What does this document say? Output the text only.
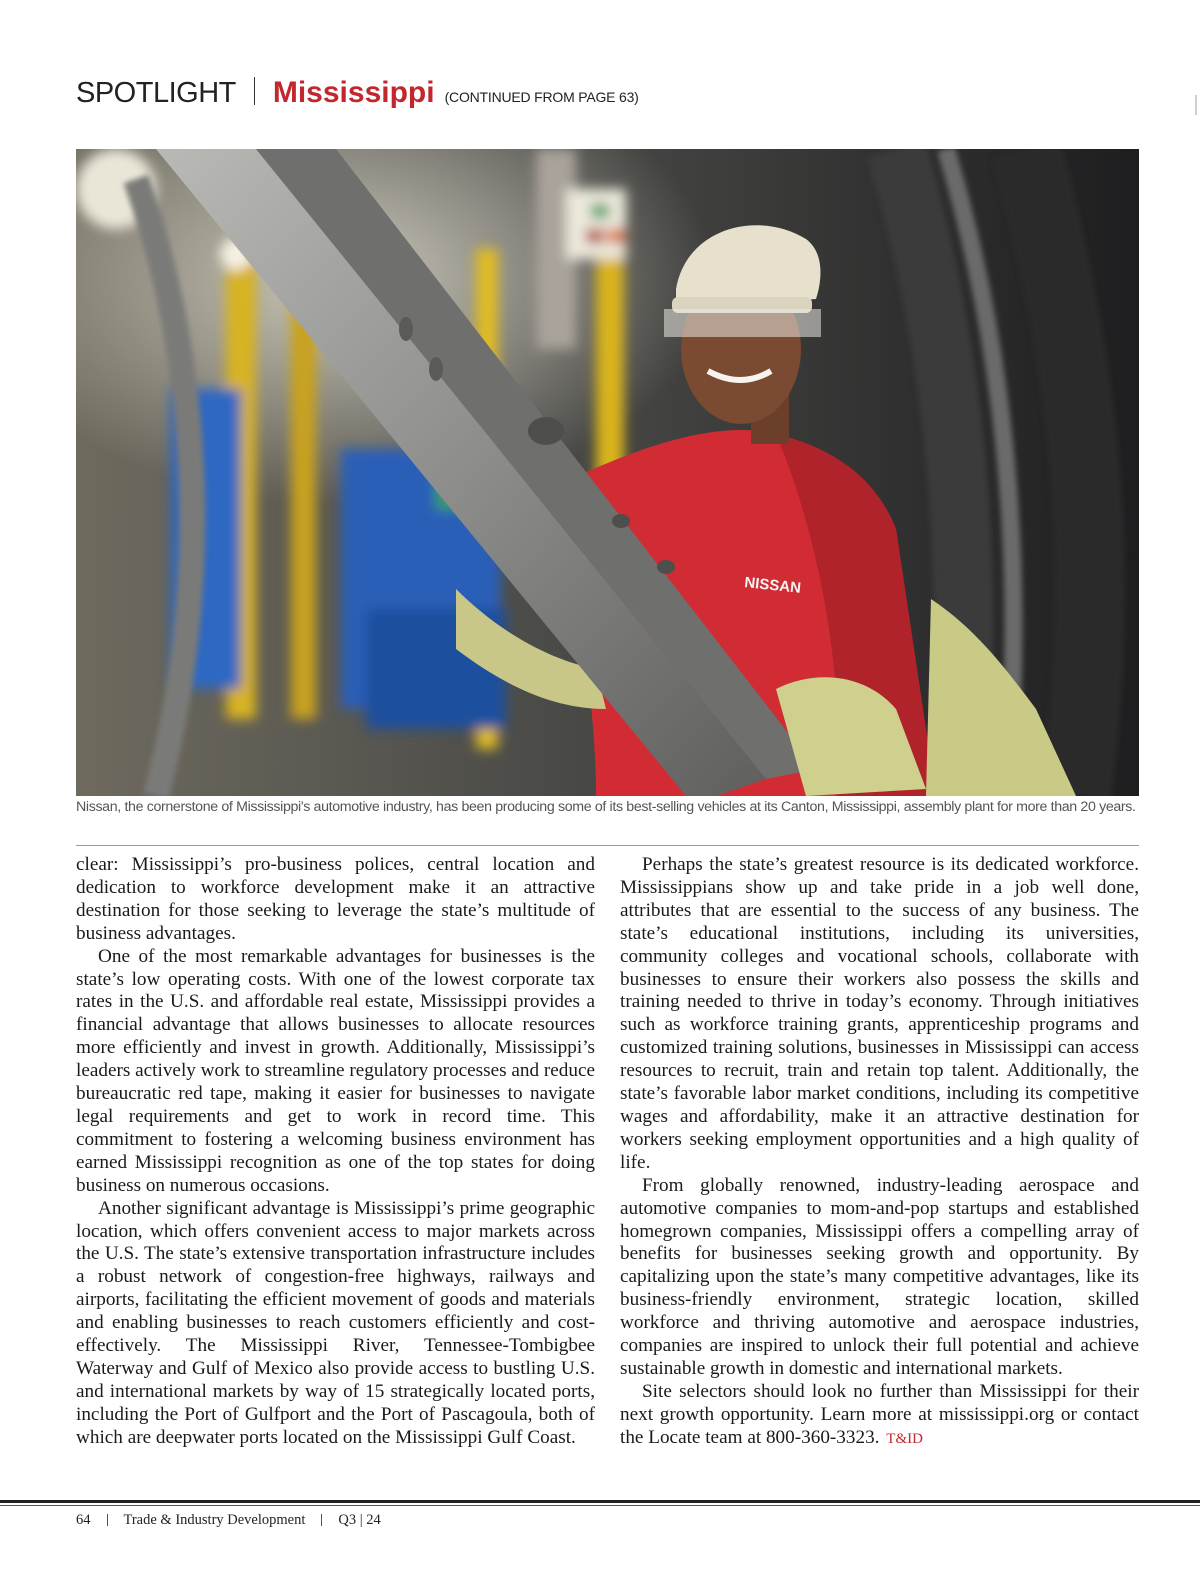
SPOTLIGHT Mississippi (CONTINUED FROM PAGE 63)
NISSAN
Nissan, the cornerstone of Mississippi's automotive industry, has been producing some of its best-selling vehicles at its Canton, Mississippi, assembly plant for more than 20 years.

clear: Mississippi’s pro-business polices, central location and dedication to workforce development make it an attractive destination for those seeking to leverage the state’s multitude of business advantages.

One of the most remarkable advantages for businesses is the state’s low operating costs. With one of the lowest corporate tax rates in the U.S. and affordable real estate, Mississippi provides a financial advantage that allows businesses to allocate resources more efficiently and invest in growth. Additionally, Mississippi’s leaders actively work to streamline regulatory processes and reduce bureaucratic red tape, making it easier for businesses to navigate legal requirements and get to work in record time. This commitment to fostering a welcoming business environment has earned Mississippi recognition as one of the top states for doing business on numerous occasions.

Another significant advantage is Mississippi’s prime geographic location, which offers convenient access to major markets across the U.S. The state’s extensive transportation infrastructure includes a robust network of congestion-free highways, railways and airports, facilitating the efficient movement of goods and materials and enabling businesses to reach customers efficiently and cost-effectively. The Mississippi River, Tennessee-Tombigbee Waterway and Gulf of Mexico also provide access to bustling U.S. and international markets by way of 15 strategically located ports, including the Port of Gulfport and the Port of Pascagoula, both of which are deepwater ports located on the Mississippi Gulf Coast.

Perhaps the state’s greatest resource is its dedicated workforce. Mississippians show up and take pride in a job well done, attributes that are essential to the success of any business. The state’s educational institutions, including its universities, community colleges and vocational schools, collaborate with businesses to ensure their workers also possess the skills and training needed to thrive in today’s economy. Through initiatives such as workforce training grants, apprenticeship programs and customized training solutions, businesses in Mississippi can access resources to recruit, train and retain top talent. Additionally, the state’s favorable labor market conditions, including its competitive wages and affordability, make it an attractive destination for workers seeking employment opportunities and a high quality of life.

From globally renowned, industry-leading aerospace and automotive companies to mom-and-pop startups and established homegrown companies, Mississippi offers a compelling array of benefits for businesses seeking growth and opportunity. By capitalizing upon the state’s many competitive advantages, like its business-friendly environment, strategic location, skilled workforce and thriving automotive and aerospace industries, companies are inspired to unlock their full potential and achieve sustainable growth in domestic and international markets.

Site selectors should look no further than Mississippi for their next growth opportunity. Learn more at mississippi.org or contact the Locate team at 800-360-3323. T&ID

64 Trade & Industry Development Q3 | 24
